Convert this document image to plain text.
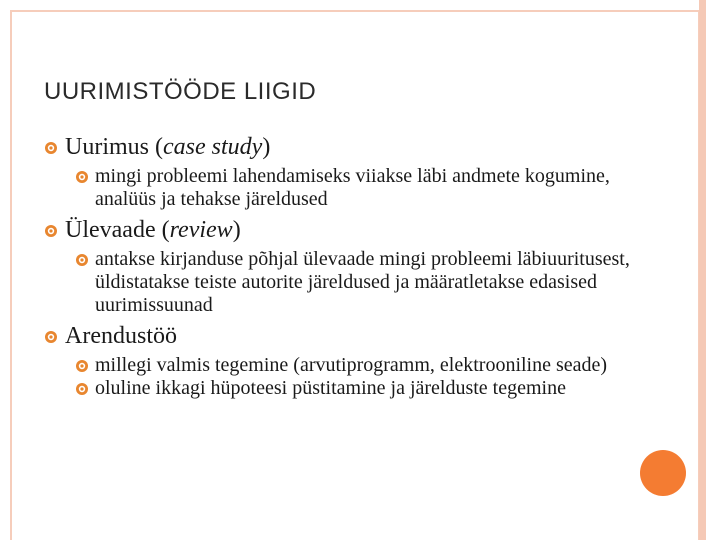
UURIMISTÖÖDE LIIGID
Uurimus (case study)
mingi probleemi lahendamiseks viiakse läbi andmete kogumine, analüüs ja tehakse järeldused
Ülevaade (review)
antakse kirjanduse põhjal ülevaade mingi probleemi läbiuuritusest, üldistatakse teiste autorite järeldused ja määratletakse edasised uurimissuunad
Arendustöö
millegi valmis tegemine (arvutiprogramm, elektrooniline seade)
oluline ikkagi hüpoteesi püstitamine ja järelduste tegemine
